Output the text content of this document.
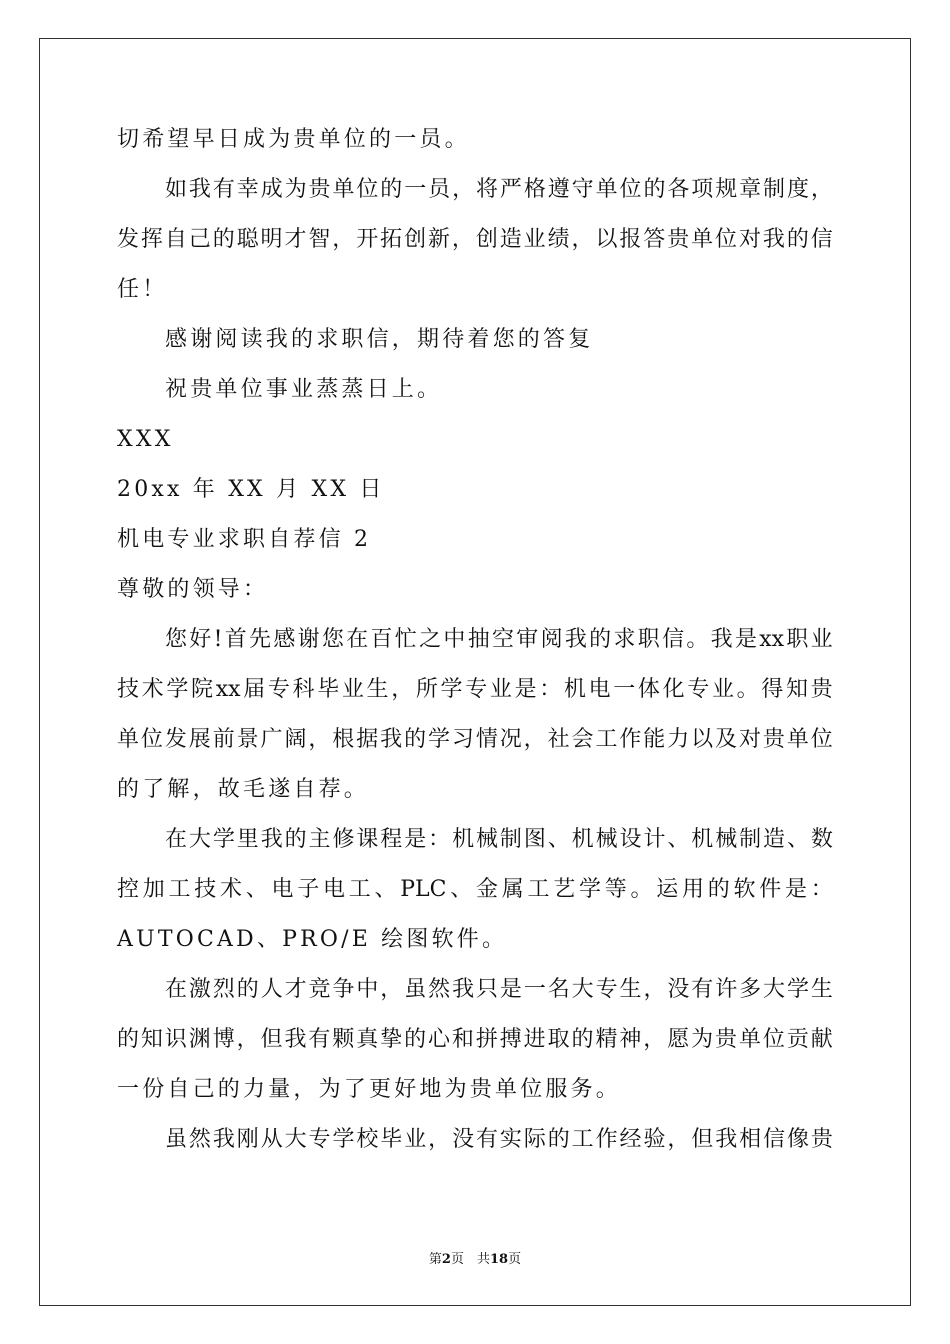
切希望早日成为贵单位的一员。
如 我 有 幸 成 为 贵 单 位 的 一 员 ， 将 严 格 遵 守 单 位 的 各 项 规 章 制 度 ，
发 挥 自 己 的 聪 明 才 智 ， 开 拓 创 新 ， 创 造 业 绩 ， 以 报 答 贵 单 位 对 我 的 信
任！
感谢阅读我的求职信，期待着您的答复
祝贵单位事业蒸蒸日上。
XXX
20xx 年 XX 月 XX 日
机电专业求职自荐信 2
尊敬的领导：
您 好 ! 首 先 感 谢 您 在 百 忙 之 中 抽 空 审 阅 我 的 求 职 信 。 我 是 xx 职 业
技 术 学 院 xx 届 专 科 毕 业 生 ， 所 学 专 业 是 ： 机 电 一 体 化 专 业 。 得 知 贵
单 位 发 展 前 景 广 阔 ， 根 据 我 的 学 习 情 况 ， 社 会 工 作 能 力 以 及 对 贵 单 位
的了解，故毛遂自荐。
在 大 学 里 我 的 主 修 课 程 是 ： 机 械 制 图 、 机 械 设 计 、 机 械 制 造 、 数
控 加 工 技 术 、 电 子 电 工 、 PLC 、 金 属 工 艺 学 等 。 运 用 的 软 件 是 ：
AUTOCAD、PRO/E 绘图软件。
在 激 烈 的 人 才 竞 争 中 ， 虽 然 我 只 是 一 名 大 专 生 ， 没 有 许 多 大 学 生
的 知 识 渊 博 ， 但 我 有 颗 真 挚 的 心 和 拼 搏 进 取 的 精 神 ， 愿 为 贵 单 位 贡 献
一份自己的力量，为了更好地为贵单位服务。
虽 然 我 刚 从 大 专 学 校 毕 业 ， 没 有 实 际 的 工 作 经 验 ， 但 我 相 信 像 贵
第2页　共18页
